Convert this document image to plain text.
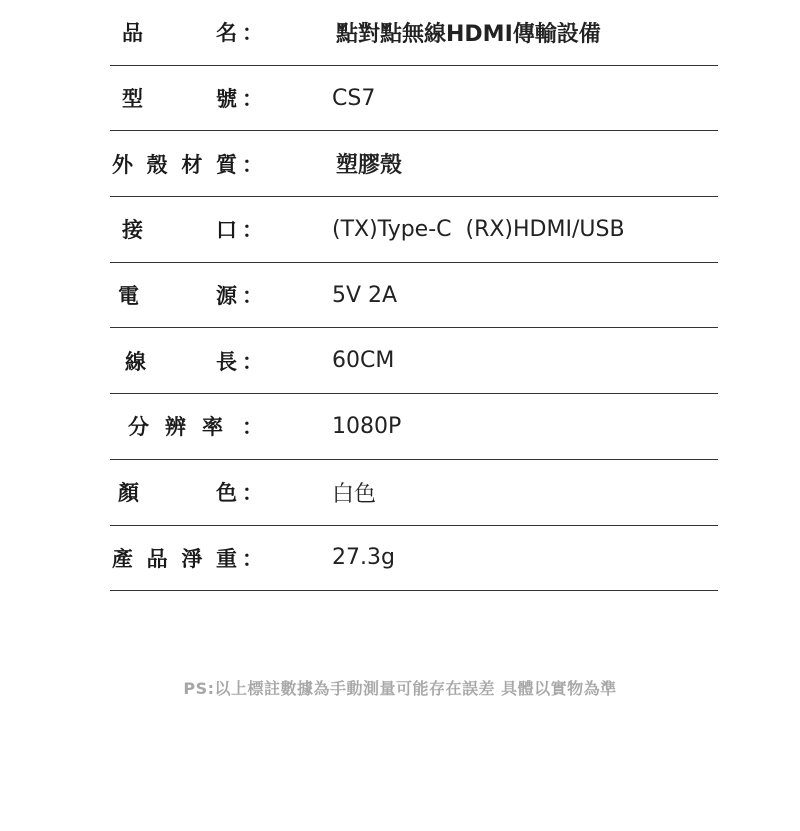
品	名 ：	點對點無線HDMI傳輸設備
型	號 ：	CS7
外 殼 材 質 ：	塑膠殼
接	口 ：	(TX)Type-C  (RX)HDMI/USB
電	源 ：	5V 2A
線	長 ：	60CM
分 辨 率 ：	1080P
顏	色 ：	白色
產 品 淨 重 ：	27.3g
PS:以上標註數據為手動測量可能存在誤差 具體以實物為準
